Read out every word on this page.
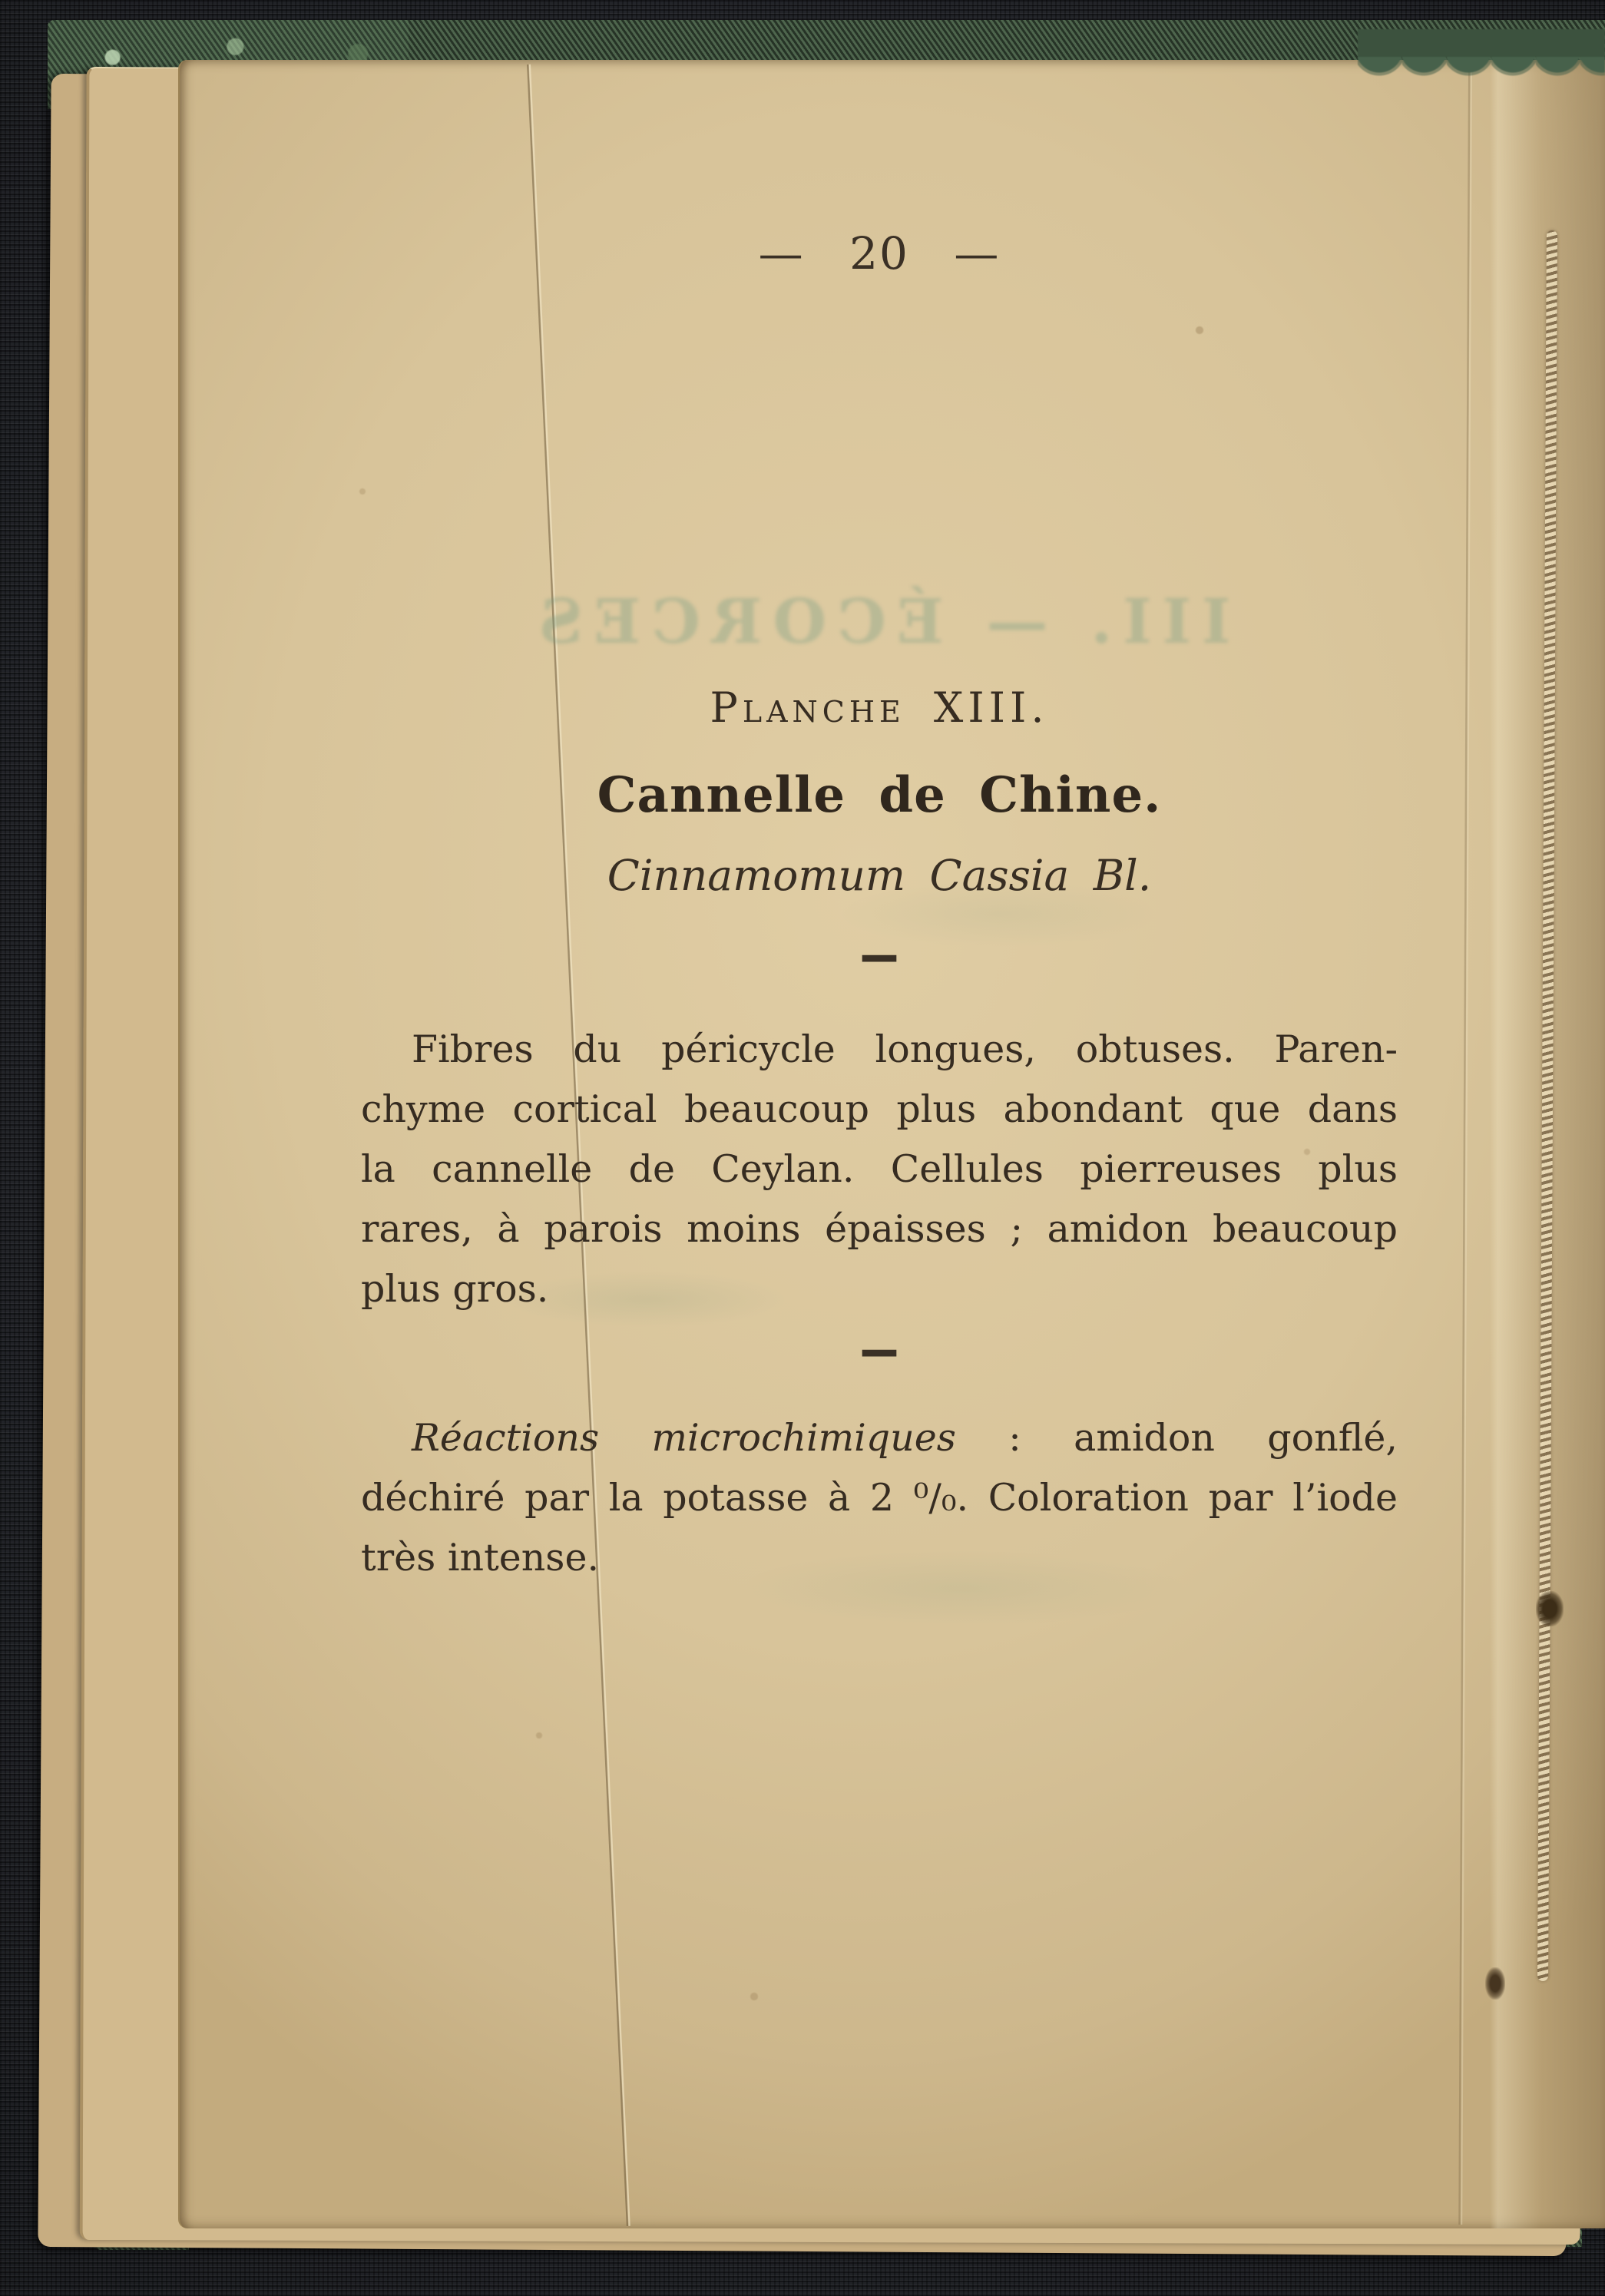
III. — ÉCORCES
— 20 —
Planche XIII.
Cannelle de Chine.
Cinnamomum Cassia Bl.
—
Fibres du péricycle longues, obtuses. Paren-
chyme cortical beaucoup plus abondant que dans
la cannelle de Ceylan. Cellules pierreuses plus
rares, à parois moins épaisses ; amidon beaucoup
plus gros.
—
Réactions microchimiques : amidon gonflé,
déchiré par la potasse à 2 ⁰/₀. Coloration par l’iode
très intense.
